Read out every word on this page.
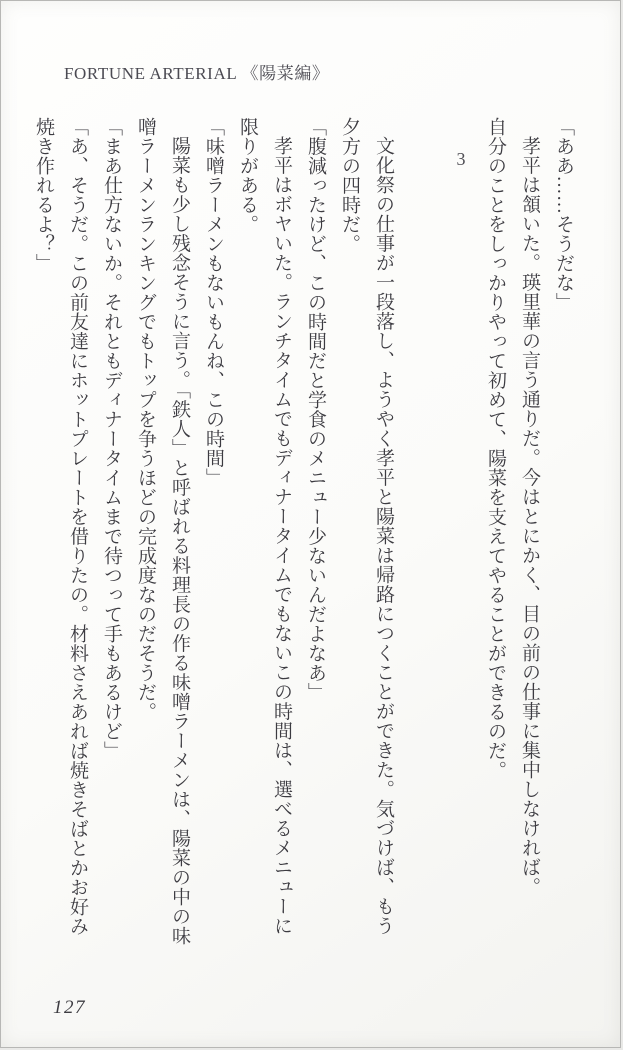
FORTUNE ARTERIAL 《陽菜編》

「ああ……そうだな」

孝平は頷いた。瑛里華の言う通りだ。今はとにかく、目の前の仕事に集中しなければ。

自分のことをしっかりやって初めて、陽菜を支えてやることができるのだ。

3

文化祭の仕事が一段落し、ようやく孝平と陽菜は帰路につくことができた。気づけば、もう

夕方の四時だ。

「腹減ったけど、この時間だと学食のメニュー少ないんだよなあ」

孝平はボヤいた。ランチタイムでもディナータイムでもないこの時間は、選べるメニューに

限りがある。

「味噌ラーメンもないもんね、この時間」

陽菜も少し残念そうに言う。「鉄人」と呼ばれる料理長の作る味噌ラーメンは、陽菜の中の味

噌ラーメンランキングでもトップを争うほどの完成度なのだそうだ。

「まあ仕方ないか。それともディナータイムまで待つって手もあるけど」

「あ、そうだ。この前友達にホットプレートを借りたの。材料さえあれば焼きそばとかお好み

焼き作れるよ？」

127
